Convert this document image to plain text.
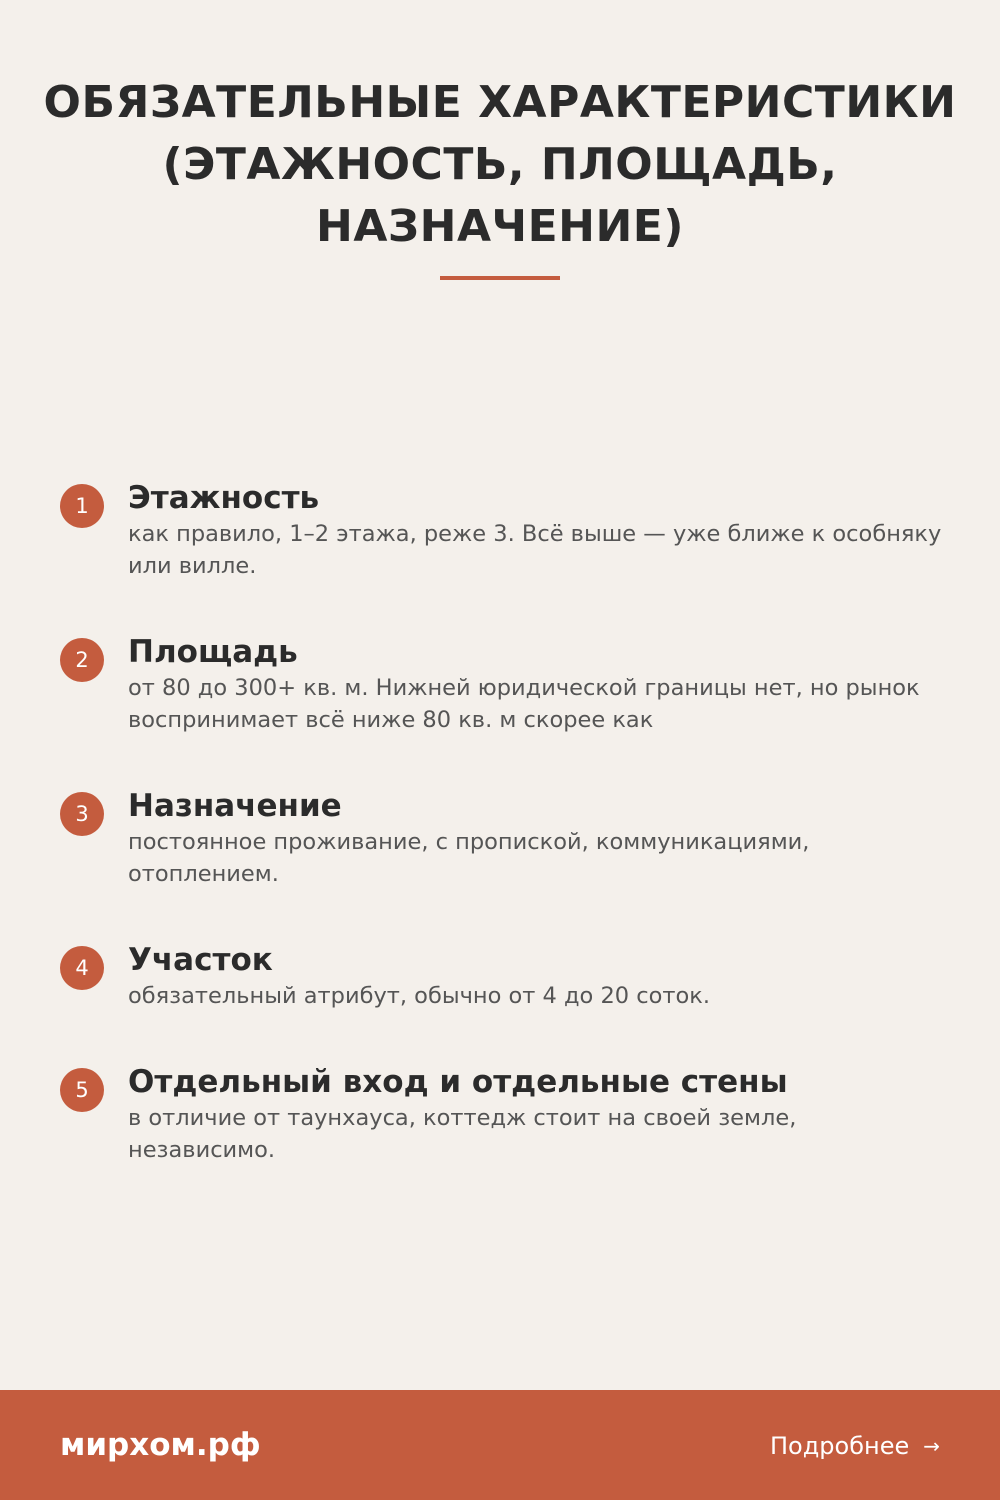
ОБЯЗАТЕЛЬНЫЕ ХАРАКТЕРИСТИКИ (ЭТАЖНОСТЬ, ПЛОЩАДЬ, НАЗНАЧЕНИЕ)
1	Этажность

как правило, 1–2 этажа, реже 3. Всё выше — уже ближе к особняку или вилле.

2	Площадь

от 80 до 300+ кв. м. Нижней юридической границы нет, но рынок воспринимает всё ниже 80 кв. м скорее как

3	Назначение

постоянное проживание, с пропиской, коммуникациями, отоплением.

4	Участок

обязательный атрибут, обычно от 4 до 20 соток.

5	Отдельный вход и отдельные стены

в отличие от таунхауса, коттедж стоит на своей земле, независимо.

мирхом.рф	Подробнее →
